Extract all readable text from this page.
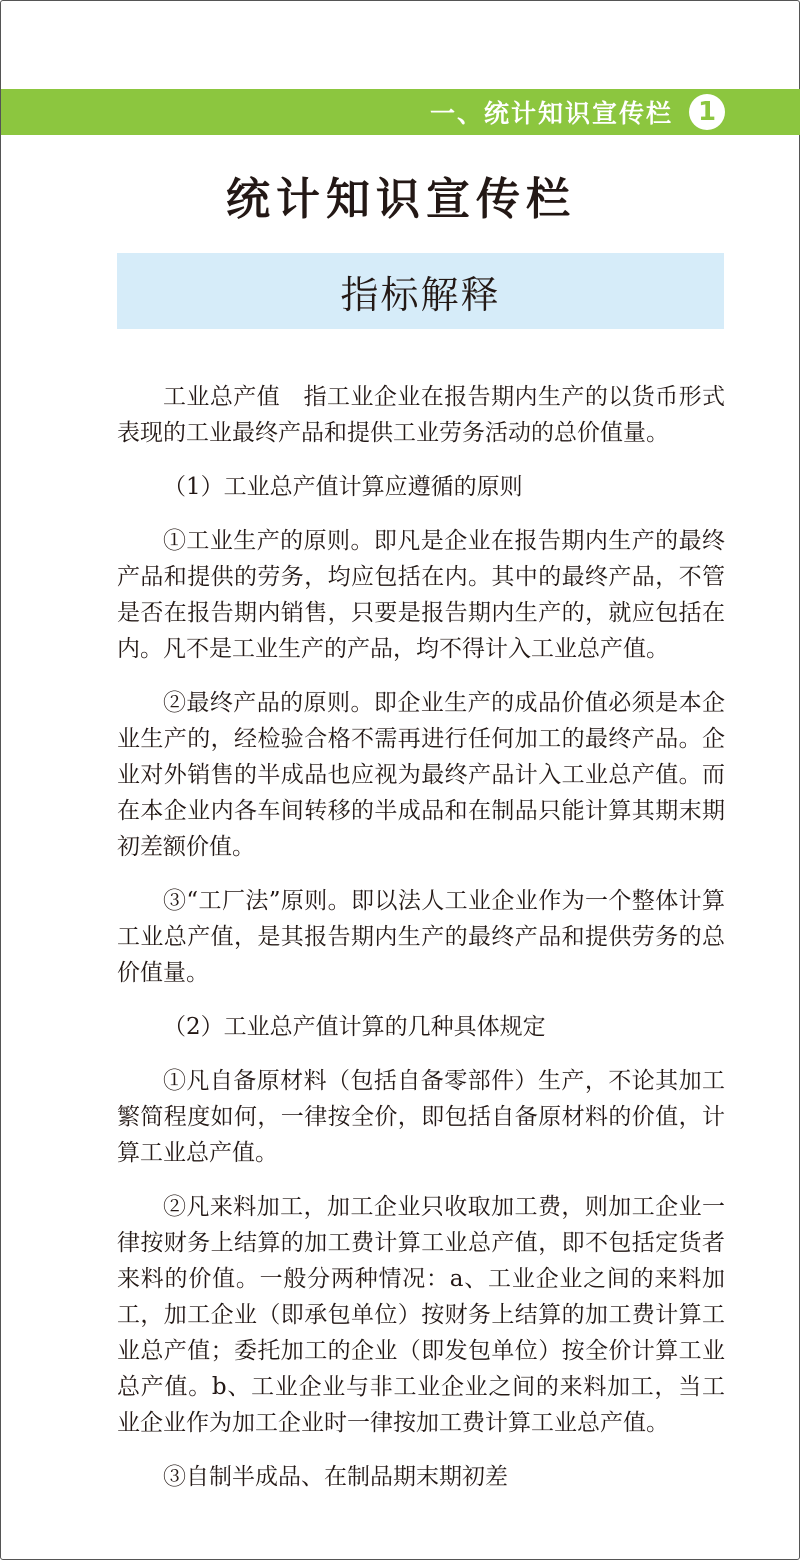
一、统计知识宣传栏 1
统计知识宣传栏
指标解释

工业总产值　指工业企业在报告期内生产的以货币形式表现的工业最终产品和提供工业劳务活动的总价值量。

（1）工业总产值计算应遵循的原则

①工业生产的原则。即凡是企业在报告期内生产的最终产品和提供的劳务，均应包括在内。其中的最终产品，不管是否在报告期内销售，只要是报告期内生产的，就应包括在内。凡不是工业生产的产品，均不得计入工业总产值。

②最终产品的原则。即企业生产的成品价值必须是本企业生产的，经检验合格不需再进行任何加工的最终产品。企业对外销售的半成品也应视为最终产品计入工业总产值。而在本企业内各车间转移的半成品和在制品只能计算其期末期初差额价值。

③“工厂法”原则。即以法人工业企业作为一个整体计算工业总产值，是其报告期内生产的最终产品和提供劳务的总价值量。

（2）工业总产值计算的几种具体规定

①凡自备原材料（包括自备零部件）生产，不论其加工繁简程度如何，一律按全价，即包括自备原材料的价值，计算工业总产值。

②凡来料加工，加工企业只收取加工费，则加工企业一律按财务上结算的加工费计算工业总产值，即不包括定货者来料的价值。一般分两种情况：a、工业企业之间的来料加工，加工企业（即承包单位）按财务上结算的加工费计算工业总产值；委托加工的企业（即发包单位）按全价计算工业总产值。b、工业企业与非工业企业之间的来料加工，当工业企业作为加工企业时一律按加工费计算工业总产值。

③自制半成品、在制品期末期初差
